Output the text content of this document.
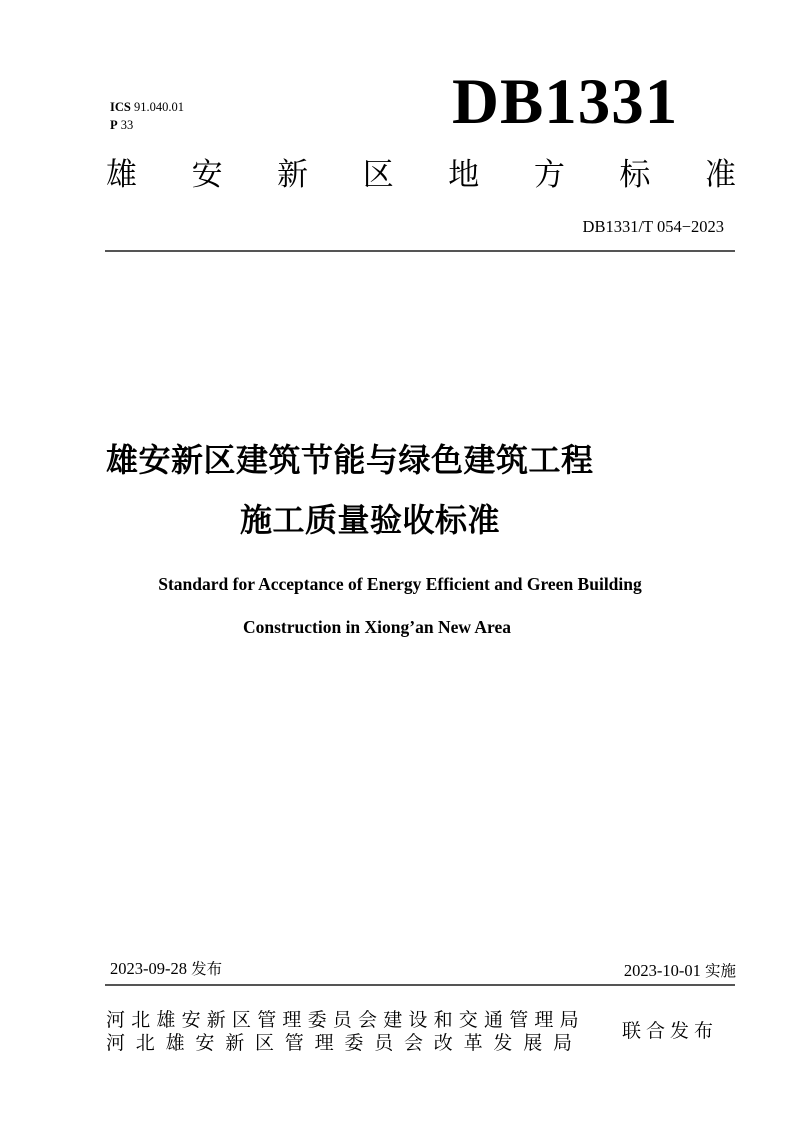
ICS 91.040.01
P 33	DB1331
雄 安 新 区 地 方 标 准
DB1331/T 054−2023
雄安新区建筑节能与绿色建筑工程
施工质量验收标准
Standard for Acceptance of Energy Efficient and Green Building
Construction in Xiong’an New Area
2023-09-28 发布	2023-10-01 实施
河北雄安新区管理委员会建设和交通管理局
河北雄安新区管理委员会改革发展局
联合发布
